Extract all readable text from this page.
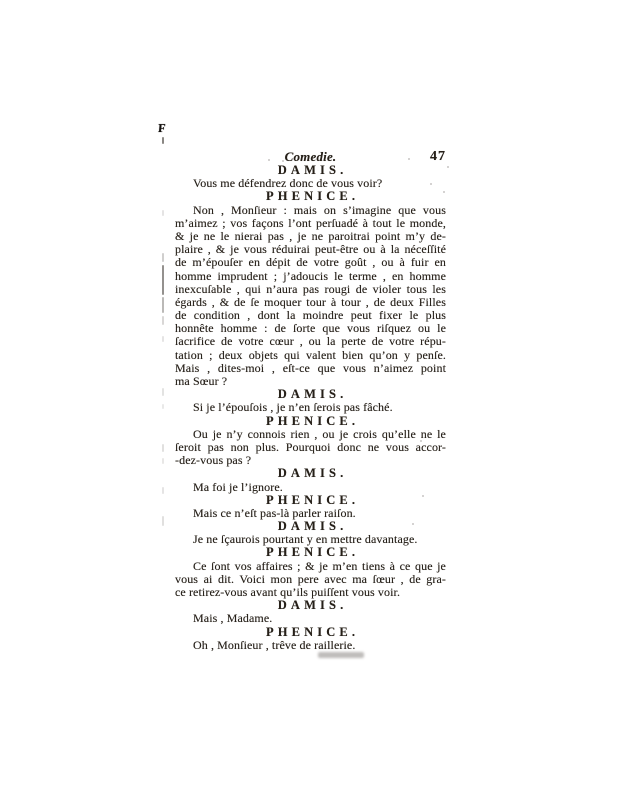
Comedie.	47
DAMIS.
Vous me défendrez donc de vous voir?
PHENICE.
Non , Monſieur : mais on s’imagine que vous
m’aimez ; vos façons l’ont perſuadé à tout le monde,
& je ne le nierai pas , je ne paroitrai point m’y de-
plaire , & je vous réduirai peut-être ou à la néceſſité
de m’épouſer en dépit de votre goût , ou à fuir en
homme imprudent ; j’adoucis le terme , en homme
inexcuſable , qui n’aura pas rougi de violer tous les
égards , & de ſe moquer tour à tour , de deux Filles
de condition , dont la moindre peut fixer le plus
honnête homme : de ſorte que vous riſquez ou le
ſacrifice de votre cœur , ou la perte de votre répu-
tation ; deux objets qui valent bien qu’on y penſe.
Mais , dites-moi , eſt-ce que vous n’aimez point
ma Sœur ?
DAMIS.
Si je l’épouſois , je n’en ſerois pas fâché.
PHENICE.
Ou je n’y connois rien , ou je crois qu’elle ne le
ſeroit pas non plus. Pourquoi donc ne vous accor-
-dez-vous pas ?
DAMIS.
Ma foi je l’ignore.
PHENICE.
Mais ce n’eſt pas-là parler raiſon.
DAMIS.
Je ne ſçaurois pourtant y en mettre davantage.
PHENICE.
Ce ſont vos affaires ; & je m’en tiens à ce que je
vous ai dit. Voici mon pere avec ma ſœur , de gra-
ce retirez-vous avant qu’ils puiſſent vous voir.
DAMIS.
Mais , Madame.
PHENICE.
Oh , Monſieur , trêve de raillerie.
F
